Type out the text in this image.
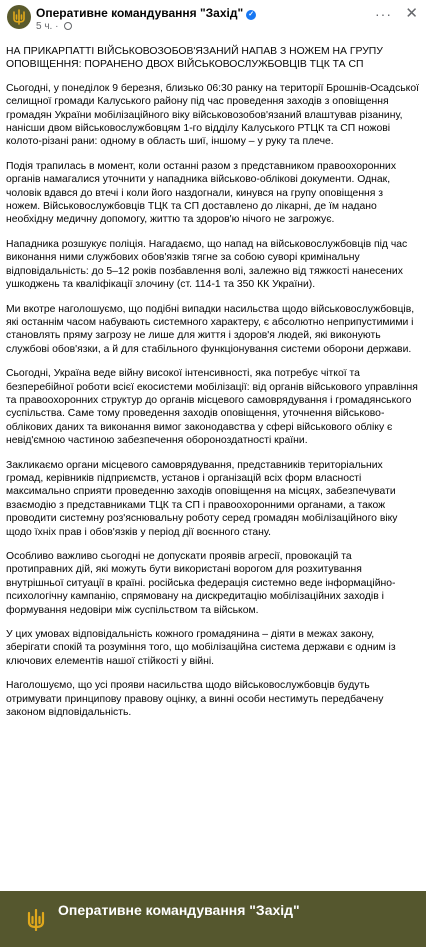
Оперативне командування "Захід" ✓
5 ч. ·
··· ✕

НА ПРИКАРПАТТІ ВІЙСЬКОВОЗОБОВ'ЯЗАНИЙ НАПАВ З НОЖЕМ НА ГРУПУ ОПОВІЩЕННЯ: ПОРАНЕНО ДВОХ ВІЙСЬКОВОСЛУЖБОВЦІВ ТЦК ТА СП

Сьогодні, у понеділок 9 березня, близько 06:30 ранку на території Брошнів-Осадської селищної громади Калуського району під час проведення заходів з оповіщення громадян України мобілізаційного віку військовозобов'язаний влаштував різанину, нанісши двом військовослужбовцям 1-го відділу Калуського РТЦК та СП ножові колото-різані рани: одному в область шиї, іншому – у руку та плече.

Подія трапилась в момент, коли останні разом з представником правоохоронних органів намагалися уточнити у нападника військово-облікові документи. Однак, чоловік вдався до втечі і коли його наздогнали, кинувся на групу оповіщення з ножем. Військовослужбовців ТЦК та СП доставлено до лікарні, де їм надано необхідну медичну допомогу, життю та здоров'ю нічого не загрожує.

Нападника розшукує поліція. Нагадаємо, що напад на військовослужбовців під час виконання ними службових обов'язків тягне за собою суворі кримінальну відповідальність: до 5–12 років позбавлення волі, залежно від тяжкості нанесених ушкоджень та кваліфікації злочину (ст. 114-1 та 350 КК України).

Ми вкотре наголошуємо, що подібні випадки насильства щодо військовослужбовців, які останнім часом набувають системного характеру, є абсолютно неприпустимими і становлять пряму загрозу не лише для життя і здоров'я людей, які виконують службові обов'язки, а й для стабільного функціонування системи оборони держави.

Сьогодні, Україна веде війну високої інтенсивності, яка потребує чіткої та безперебійної роботи всієї екосистеми мобілізації: від органів військового управління та правоохоронних структур до органів місцевого самоврядування і громадянського суспільства. Саме тому проведення заходів оповіщення, уточнення військово-облікових даних та виконання вимог законодавства у сфері військового обліку є невід'ємною частиною забезпечення обороноздатності країни.

Закликаємо органи місцевого самоврядування, представників територіальних громад, керівників підприємств, установ і організацій всіх форм власності максимально сприяти проведенню заходів оповіщення на місцях, забезпечувати взаємодію з представниками ТЦК та СП і правоохоронними органами, а також проводити системну роз'яснювальну роботу серед громадян мобілізаційного віку щодо їхніх прав і обов'язків у період дії воєнного стану.

Особливо важливо сьогодні не допускати проявів агресії, провокацій та протиправних дій, які можуть бути використані ворогом для розхитування внутрішньої ситуації в країні. російська федерація системно веде інформаційно-психологічну кампанію, спрямовану на дискредитацію мобілізаційних заходів і формування недовіри між суспільством та військом.

У цих умовах відповідальність кожного громадянина – діяти в межах закону, зберігати спокій та розуміння того, що мобілізаційна система держави є одним із ключових елементів нашої стійкості у війні.

Наголошуємо, що усі прояви насильства щодо військовослужбовців будуть отримувати принципову правову оцінку, а винні особи нестимуть передбачену законом відповідальність.

Оперативне командування "Захід"
